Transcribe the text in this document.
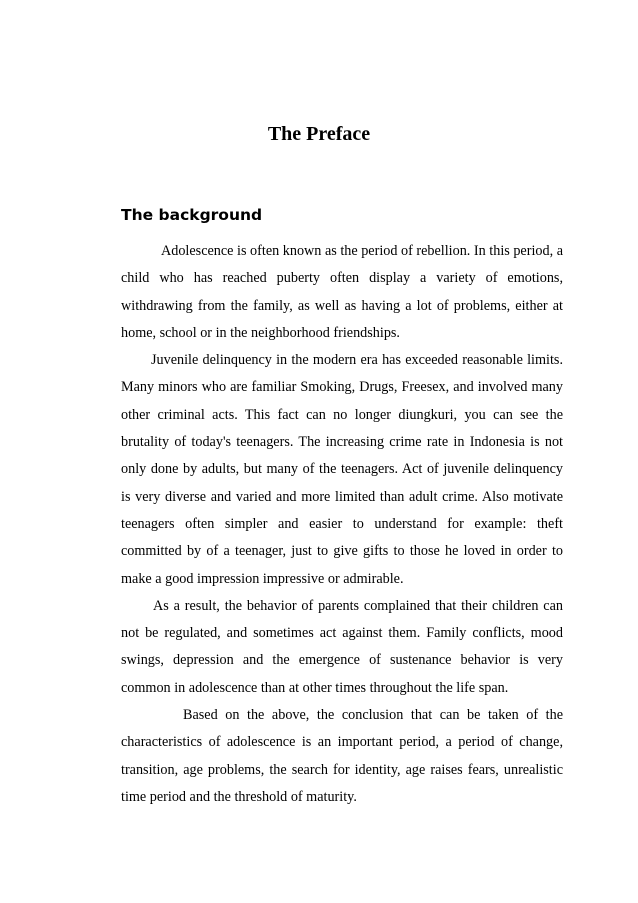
The Preface
The background

Adolescence is often known as the period of rebellion. In this period, a child who has reached puberty often display a variety of emotions, withdrawing from the family, as well as having a lot of problems, either at home, school or in the neighborhood friendships.

Juvenile delinquency in the modern era has exceeded reasonable limits. Many minors who are familiar Smoking, Drugs, Freesex, and involved many other criminal acts. This fact can no longer diungkuri, you can see the brutality of today's teenagers. The increasing crime rate in Indonesia is not only done by adults, but many of the teenagers. Act of juvenile delinquency is very diverse and varied and more limited than adult crime. Also motivate teenagers often simpler and easier to understand for example: theft committed by of a teenager, just to give gifts to those he loved in order to make a good impression impressive or admirable.

As a result, the behavior of parents complained that their children can not be regulated, and sometimes act against them. Family conflicts, mood swings, depression and the emergence of sustenance behavior is very common in adolescence than at other times throughout the life span.

Based on the above, the conclusion that can be taken of the characteristics of adolescence is an important period, a period of change, transition, age problems, the search for identity, age raises fears, unrealistic time period and the threshold of maturity.
